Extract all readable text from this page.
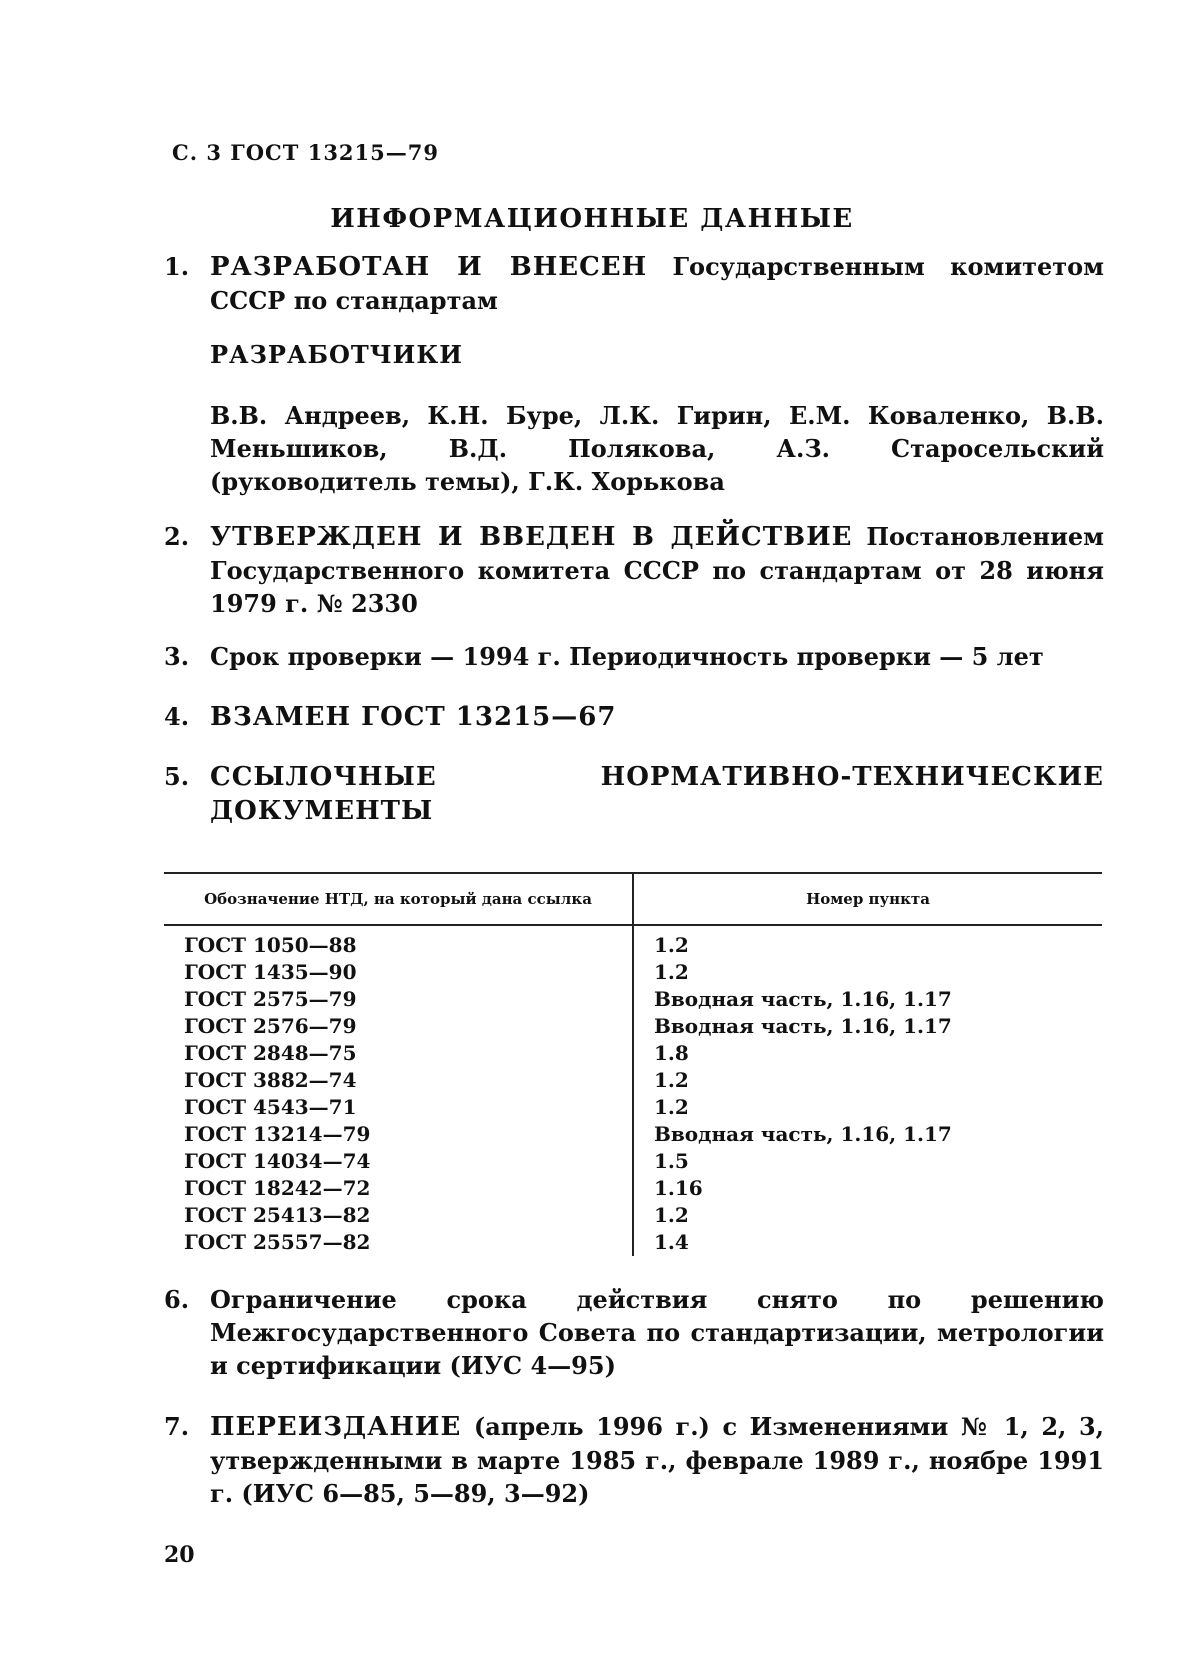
С. 3 ГОСТ 13215—79
ИНФОРМАЦИОННЫЕ ДАННЫЕ
1. РАЗРАБОТАН И ВНЕСЕН Государственным комитетом СССР по стандартам
РАЗРАБОТЧИКИ
В.В. Андреев, К.Н. Буре, Л.К. Гирин, Е.М. Коваленко, В.В. Меньшиков, В.Д. Полякова, А.З. Старосельский (руководитель темы), Г.К. Хорькова
2. УТВЕРЖДЕН И ВВЕДЕН В ДЕЙСТВИЕ Постановлением Государственного комитета СССР по стандартам от 28 июня 1979 г. № 2330
3. Срок проверки — 1994 г. Периодичность проверки — 5 лет
4. ВЗАМЕН ГОСТ 13215—67
5. ССЫЛОЧНЫЕ НОРМАТИВНО-ТЕХНИЧЕСКИЕ ДОКУМЕНТЫ
Обозначение НТД, на который дана ссылка	Номер пункта
ГОСТ 1050—88	1.2
ГОСТ 1435—90	1.2
ГОСТ 2575—79	Вводная часть, 1.16, 1.17
ГОСТ 2576—79	Вводная часть, 1.16, 1.17
ГОСТ 2848—75	1.8
ГОСТ 3882—74	1.2
ГОСТ 4543—71	1.2
ГОСТ 13214—79	Вводная часть, 1.16, 1.17
ГОСТ 14034—74	1.5
ГОСТ 18242—72	1.16
ГОСТ 25413—82	1.2
ГОСТ 25557—82	1.4
6. Ограничение срока действия снято по решению Межгосударственного Совета по стандартизации, метрологии и сертификации (ИУС 4—95)
7. ПЕРЕИЗДАНИЕ (апрель 1996 г.) с Изменениями № 1, 2, 3, утвержденными в марте 1985 г., феврале 1989 г., ноябре 1991 г. (ИУС 6—85, 5—89, 3—92)
20
